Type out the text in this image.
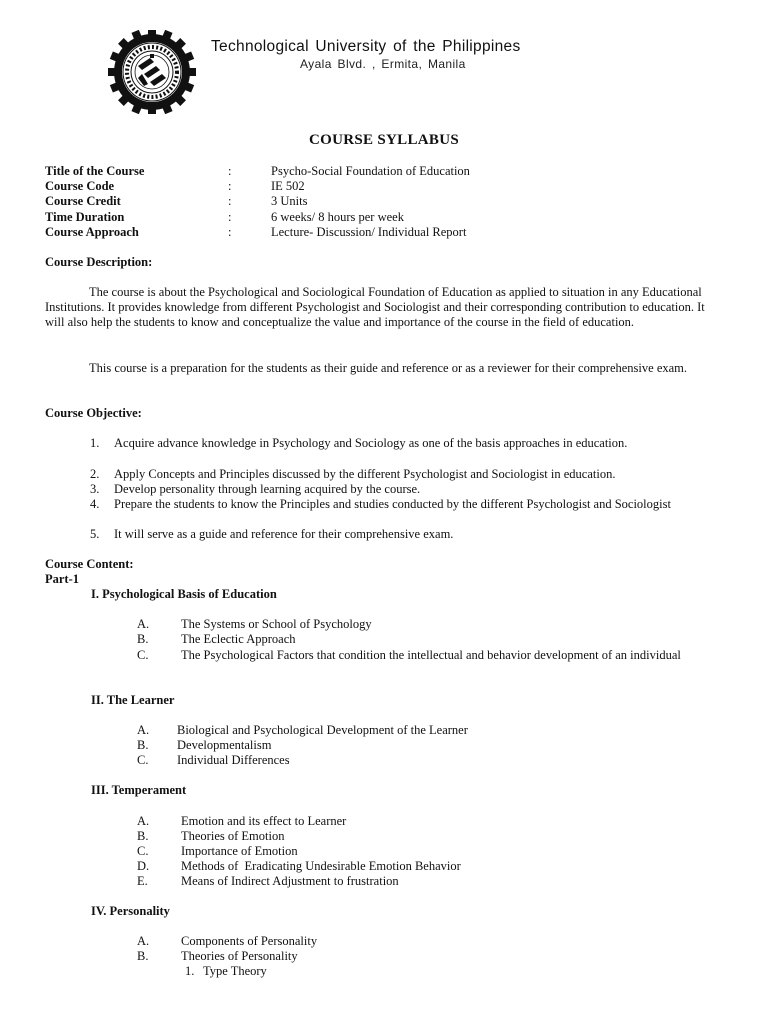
Technological University of the Philippines
Ayala Blvd. , Ermita, Manila
COURSE SYLLABUS
Title of the Course	:	Psycho-Social Foundation of Education
Course Code	:	IE 502
Course Credit	:	3 Units
Time Duration	:	6 weeks/ 8 hours per week
Course Approach	:	Lecture- Discussion/ Individual Report
Course Description:
The course is about the Psychological and Sociological Foundation of Education as applied to situation in any Educational Institutions. It provides knowledge from different Psychologist and Sociologist and their corresponding contribution to education. It will also help the students to know and conceptualize the value and importance of the course in the field of education.
This course is a preparation for the students as their guide and reference or as a reviewer for their comprehensive exam.
Course Objective:
1. Acquire advance knowledge in Psychology and Sociology as one of the basis approaches in education.
2. Apply Concepts and Principles discussed by the different Psychologist and Sociologist in education.
3. Develop personality through learning acquired by the course.
4. Prepare the students to know the Principles and studies conducted by the different Psychologist and Sociologist
5. It will serve as a guide and reference for their comprehensive exam.
Course Content:
Part-1
I. Psychological Basis of Education
A.	The Systems or School of Psychology
B.	The Eclectic Approach
C.	The Psychological Factors that condition the intellectual and behavior development of an individual
II. The Learner
A. Biological and Psychological Development of the Learner
B. Developmentalism
C. Individual Differences
III. Temperament
A.	Emotion and its effect to Learner
B.	Theories of Emotion
C.	Importance of Emotion
D.	Methods of  Eradicating Undesirable Emotion Behavior
E.	Means of Indirect Adjustment to frustration
IV. Personality
A.	Components of Personality
B.	Theories of Personality
1. Type Theory
